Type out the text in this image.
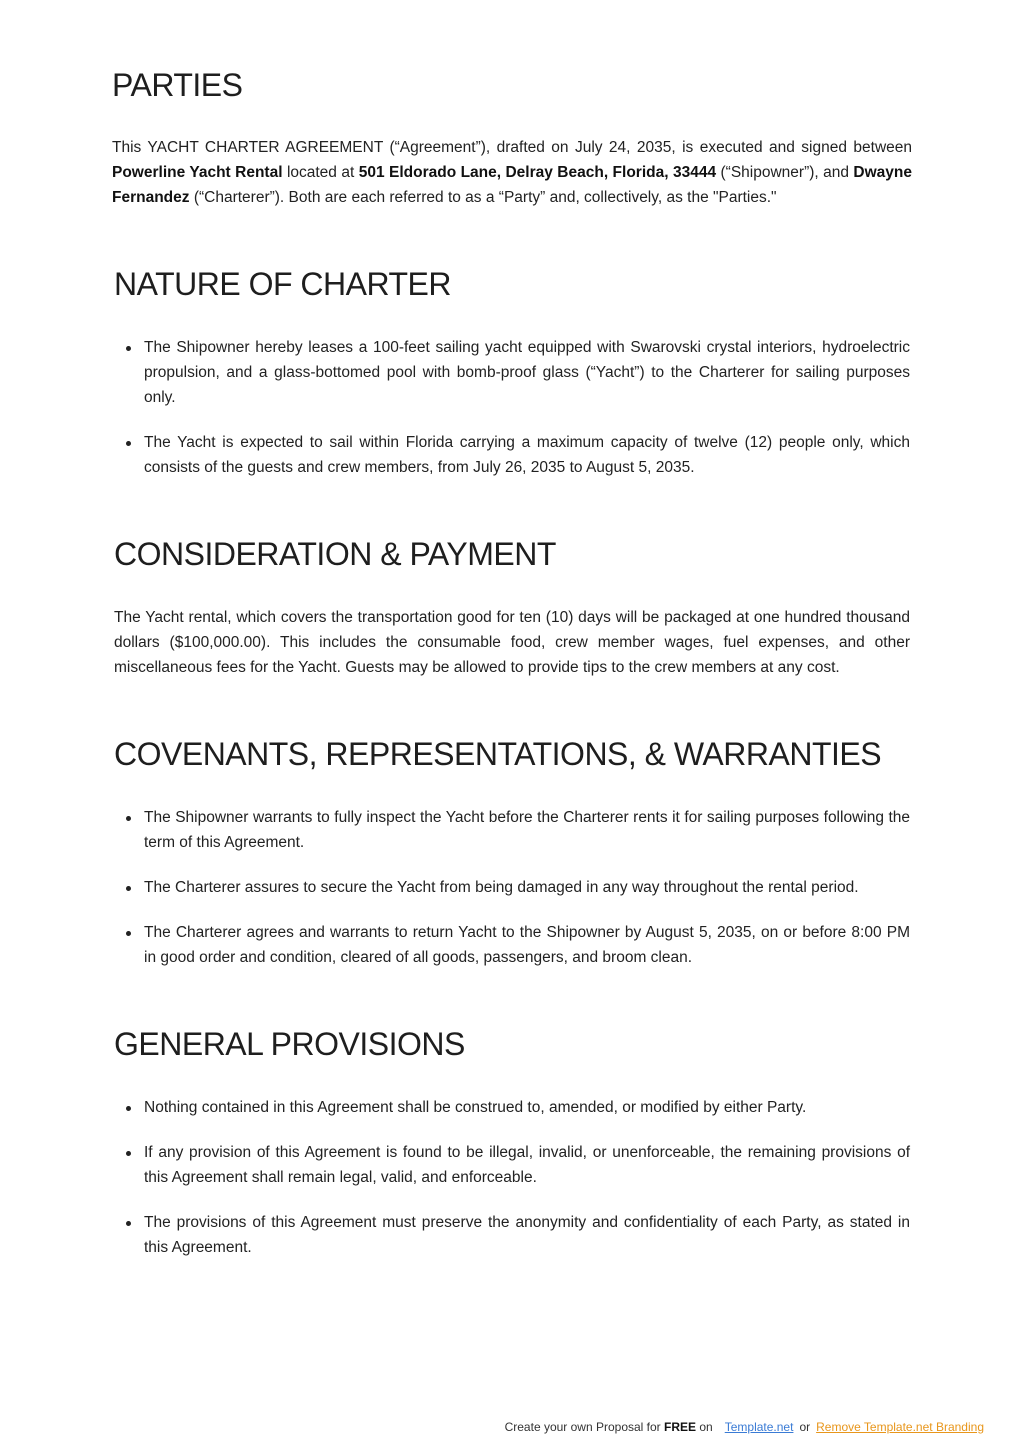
PARTIES

This YACHT CHARTER AGREEMENT (“Agreement”), drafted on July 24, 2035, is executed and signed between Powerline Yacht Rental located at 501 Eldorado Lane, Delray Beach, Florida, 33444 (“Shipowner”), and Dwayne Fernandez (“Charterer”). Both are each referred to as a “Party” and, collectively, as the "Parties."

NATURE OF CHARTER
The Shipowner hereby leases a 100-feet sailing yacht equipped with Swarovski crystal interiors, hydroelectric propulsion, and a glass-bottomed pool with bomb-proof glass (“Yacht”) to the Charterer for sailing purposes only.
The Yacht is expected to sail within Florida carrying a maximum capacity of twelve (12) people only, which consists of the guests and crew members, from July 26, 2035 to August 5, 2035.
CONSIDERATION & PAYMENT

The Yacht rental, which covers the transportation good for ten (10) days will be packaged at one hundred thousand dollars ($100,000.00). This includes the consumable food, crew member wages, fuel expenses, and other miscellaneous fees for the Yacht. Guests may be allowed to provide tips to the crew members at any cost.

COVENANTS, REPRESENTATIONS, & WARRANTIES
The Shipowner warrants to fully inspect the Yacht before the Charterer rents it for sailing purposes following the term of this Agreement.
The Charterer assures to secure the Yacht from being damaged in any way throughout the rental period.
The Charterer agrees and warrants to return Yacht to the Shipowner by August 5, 2035, on or before 8:00 PM in good order and condition, cleared of all goods, passengers, and broom clean.
GENERAL PROVISIONS
Nothing contained in this Agreement shall be construed to, amended, or modified by either Party.
If any provision of this Agreement is found to be illegal, invalid, or unenforceable, the remaining provisions of this Agreement shall remain legal, valid, and enforceable.
The provisions of this Agreement must preserve the anonymity and confidentiality of each Party, as stated in this Agreement.
Create your own Proposal for FREE on Template.net or Remove Template.net Branding
